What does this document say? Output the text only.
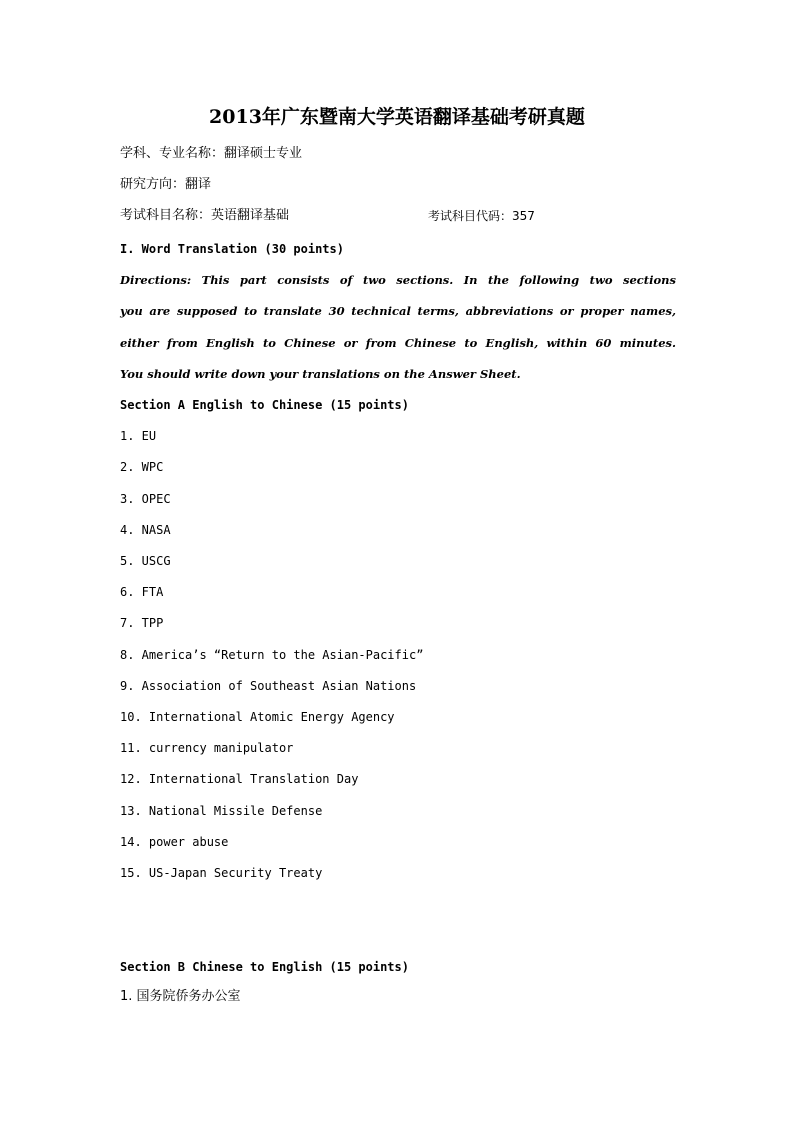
2013年广东暨南大学英语翻译基础考研真题
学科、专业名称：翻译硕士专业
研究方向：翻译
考试科目名称：英语翻译基础	考试科目代码：357
I. Word Translation (30 points)
Directions: This part consists of two sections. In the following two sections
you are supposed to translate 30 technical terms, abbreviations or proper names,
either from English to Chinese or from Chinese to English, within 60 minutes.
You should write down your translations on the Answer Sheet.
Section A English to Chinese (15 points)
1. EU
2. WPC
3. OPEC
4. NASA
5. USCG
6. FTA
7. TPP
8. America’s “Return to the Asian-Pacific”
9. Association of Southeast Asian Nations
10. International Atomic Energy Agency
11. currency manipulator
12. International Translation Day
13. National Missile Defense
14. power abuse
15. US-Japan Security Treaty
Section B Chinese to English (15 points)
1. 国务院侨务办公室
